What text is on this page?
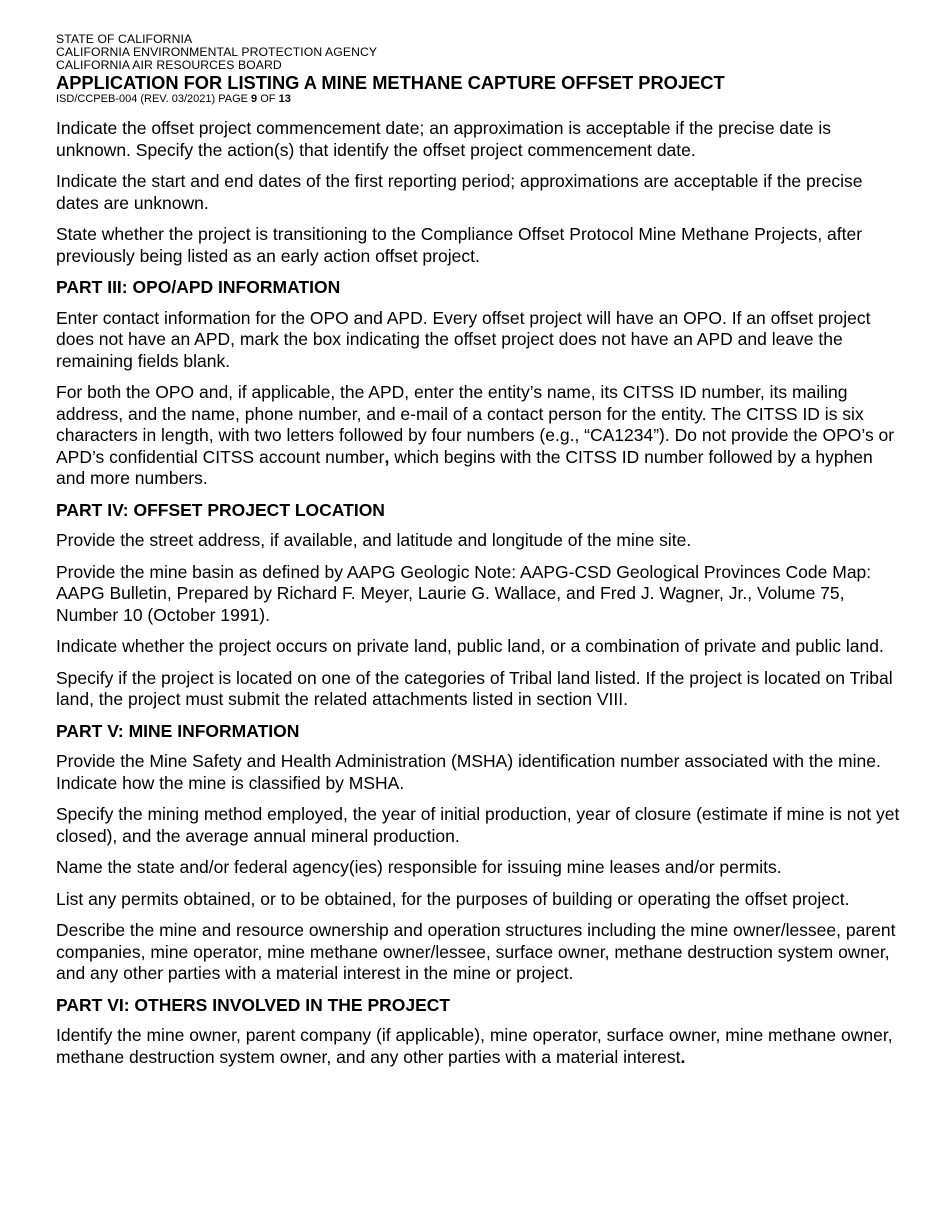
STATE OF CALIFORNIA
CALIFORNIA ENVIRONMENTAL PROTECTION AGENCY
CALIFORNIA AIR RESOURCES BOARD
APPLICATION FOR LISTING A MINE METHANE CAPTURE OFFSET PROJECT
ISD/CCPEB-004 (REV. 03/2021) PAGE 9 OF 13

Indicate the offset project commencement date; an approximation is acceptable if the precise date is unknown. Specify the action(s) that identify the offset project commencement date.

Indicate the start and end dates of the first reporting period; approximations are acceptable if the precise dates are unknown.

State whether the project is transitioning to the Compliance Offset Protocol Mine Methane Projects, after previously being listed as an early action offset project.

PART III: OPO/APD INFORMATION

Enter contact information for the OPO and APD. Every offset project will have an OPO. If an offset project does not have an APD, mark the box indicating the offset project does not have an APD and leave the remaining fields blank.

For both the OPO and, if applicable, the APD, enter the entity’s name, its CITSS ID number, its mailing address, and the name, phone number, and e-mail of a contact person for the entity. The CITSS ID is six characters in length, with two letters followed by four numbers (e.g., “CA1234”). Do not provide the OPO’s or APD’s confidential CITSS account number, which begins with the CITSS ID number followed by a hyphen and more numbers.

PART IV: OFFSET PROJECT LOCATION

Provide the street address, if available, and latitude and longitude of the mine site.

Provide the mine basin as defined by AAPG Geologic Note: AAPG-CSD Geological Provinces Code Map: AAPG Bulletin, Prepared by Richard F. Meyer, Laurie G. Wallace, and Fred J. Wagner, Jr., Volume 75, Number 10 (October 1991).

Indicate whether the project occurs on private land, public land, or a combination of private and public land.

Specify if the project is located on one of the categories of Tribal land listed. If the project is located on Tribal land, the project must submit the related attachments listed in section VIII.

PART V: MINE INFORMATION

Provide the Mine Safety and Health Administration (MSHA) identification number associated with the mine. Indicate how the mine is classified by MSHA.

Specify the mining method employed, the year of initial production, year of closure (estimate if mine is not yet closed), and the average annual mineral production.

Name the state and/or federal agency(ies) responsible for issuing mine leases and/or permits.

List any permits obtained, or to be obtained, for the purposes of building or operating the offset project.

Describe the mine and resource ownership and operation structures including the mine owner/lessee, parent companies, mine operator, mine methane owner/lessee, surface owner, methane destruction system owner, and any other parties with a material interest in the mine or project.

PART VI: OTHERS INVOLVED IN THE PROJECT

Identify the mine owner, parent company (if applicable), mine operator, surface owner, mine methane owner, methane destruction system owner, and any other parties with a material interest.
